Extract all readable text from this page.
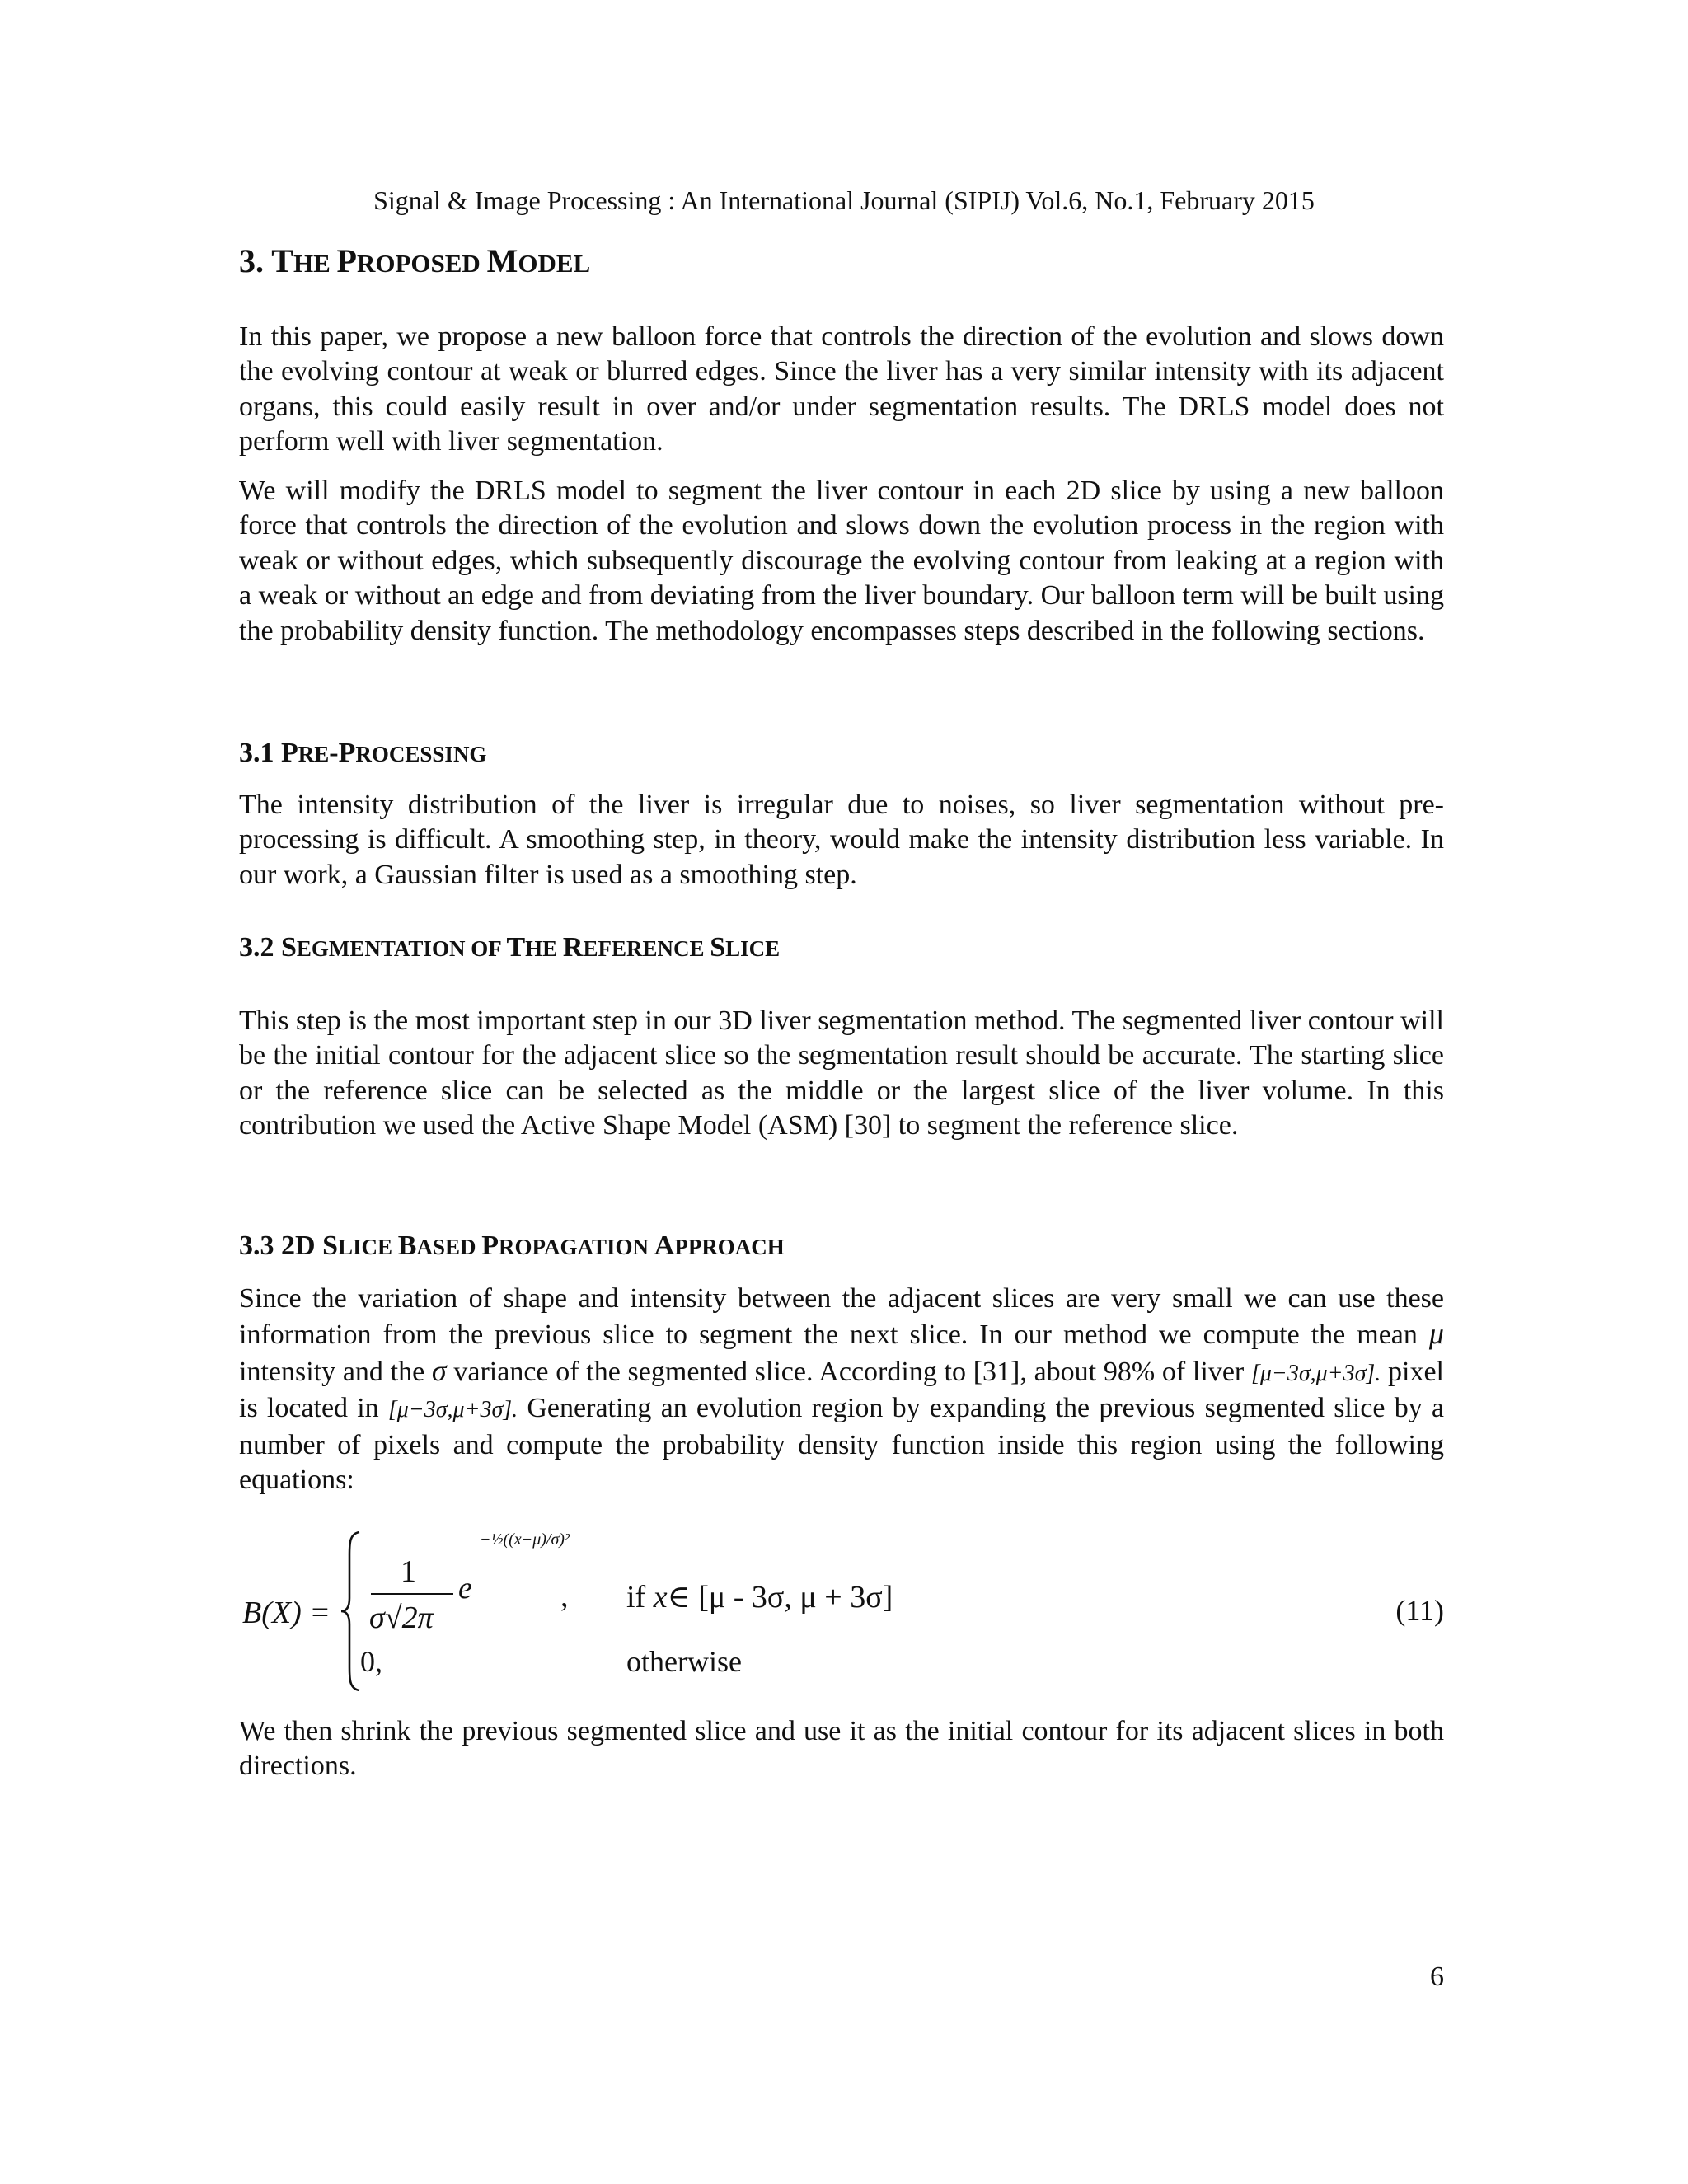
Signal & Image Processing : An International Journal (SIPIJ) Vol.6, No.1, February 2015
3. THE PROPOSED MODEL

In this paper, we propose a new balloon force that controls the direction of the evolution and slows down the evolving contour at weak or blurred edges. Since the liver has a very similar intensity with its adjacent organs, this could easily result in over and/or under segmentation results. The DRLS model does not perform well with liver segmentation.

We will modify the DRLS model to segment the liver contour in each 2D slice by using a new balloon force that controls the direction of the evolution and slows down the evolution process in the region with weak or without edges, which subsequently discourage the evolving contour from leaking at a region with a weak or without an edge and from deviating from the liver boundary. Our balloon term will be built using the probability density function. The methodology encompasses steps described in the following sections.

3.1 PRE-PROCESSING

The intensity distribution of the liver is irregular due to noises, so liver segmentation without pre-processing is difficult. A smoothing step, in theory, would make the intensity distribution less variable. In our work, a Gaussian filter is used as a smoothing step.

3.2 SEGMENTATION OF THE REFERENCE SLICE

This step is the most important step in our 3D liver segmentation method. The segmented liver contour will be the initial contour for the adjacent slice so the segmentation result should be accurate. The starting slice or the reference slice can be selected as the middle or the largest slice of the liver volume. In this contribution we used the Active Shape Model (ASM) [30] to segment the reference slice.

3.3 2D SLICE BASED PROPAGATION APPROACH

Since the variation of shape and intensity between the adjacent slices are very small we can use these information from the previous slice to segment the next slice. In our method we compute the mean μ intensity and the σ variance of the segmented slice. According to [31], about 98% of liver [μ−3σ,μ+3σ]. pixel is located in [μ−3σ,μ+3σ]. Generating an evolution region by expanding the previous segmented slice by a number of pixels and compute the probability density function inside this region using the following equations:

B(X) =
1
σ√2π
e
−½((x−μ)/σ)²
, if x∈ [μ - 3σ, μ + 3σ]
0,	otherwise
(11)

We then shrink the previous segmented slice and use it as the initial contour for its adjacent slices in both directions.

6
